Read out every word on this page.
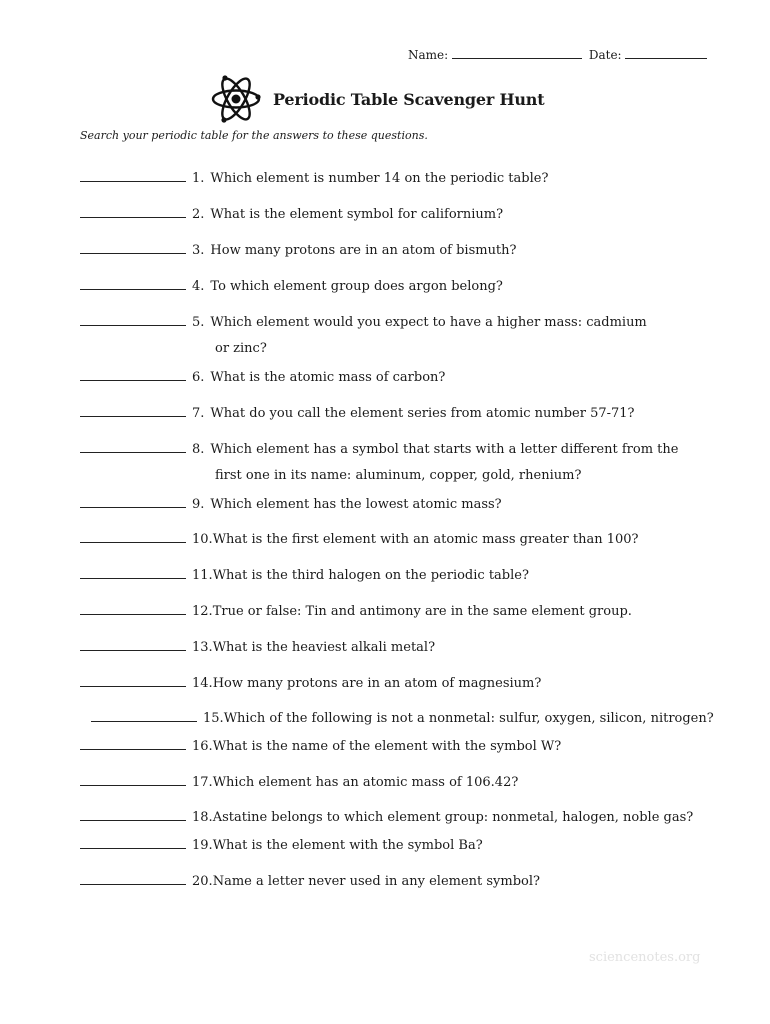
Name:	Date:
Periodic Table Scavenger Hunt
Search your periodic table for the answers to these questions.
1. Which element is number 14 on the periodic table?
2. What is the element symbol for californium?
3. How many protons are in an atom of bismuth?
4. To which element group does argon belong?
5. Which element would you expect to have a higher mass: cadmium
or zinc?
6. What is the atomic mass of carbon?
7. What do you call the element series from atomic number 57-71?
8. Which element has a symbol that starts with a letter different from the
first one in its name: aluminum, copper, gold, rhenium?
9. Which element has the lowest atomic mass?
10.What is the first element with an atomic mass greater than 100?
11.What is the third halogen on the periodic table?
12.True or false: Tin and antimony are in the same element group.
13.What is the heaviest alkali metal?
14.How many protons are in an atom of magnesium?
15.Which of the following is not a nonmetal: sulfur, oxygen, silicon, nitrogen?
16.What is the name of the element with the symbol W?
17.Which element has an atomic mass of 106.42?
18.Astatine belongs to which element group: nonmetal, halogen, noble gas?
19.What is the element with the symbol Ba?
20.Name a letter never used in any element symbol?
sciencenotes.org
